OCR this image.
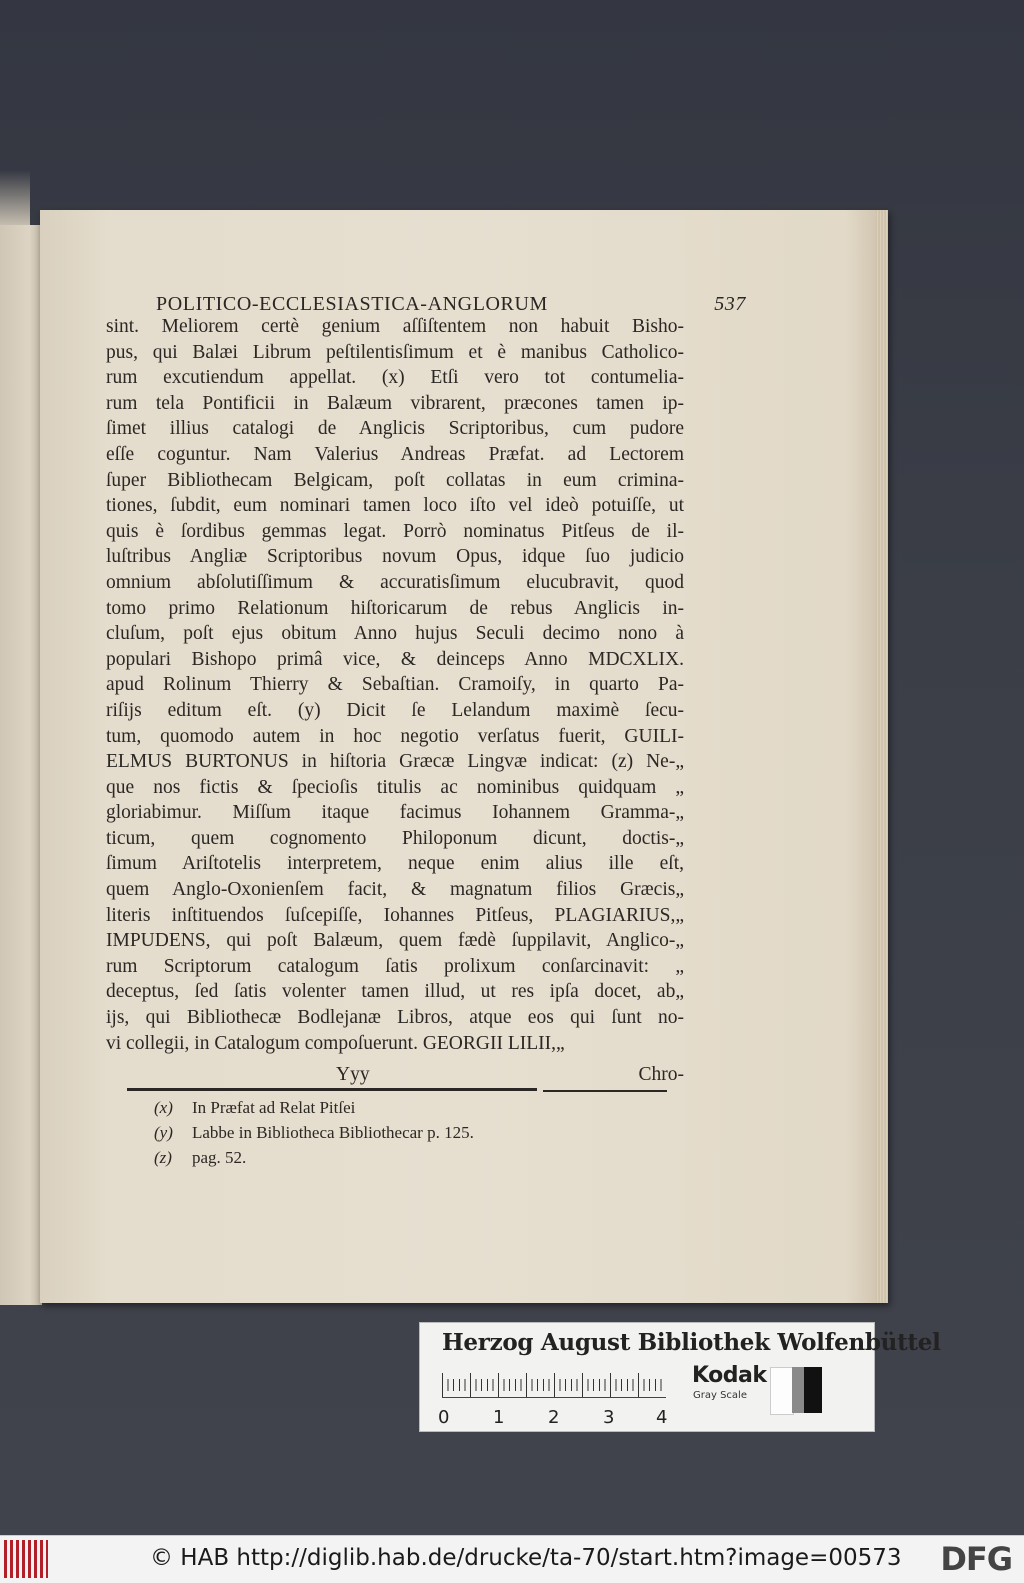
POLITICO-ECCLESIASTICA-ANGLORUM	537
sint. Meliorem certè genium aſſiſtentem non habuit Bisho-
pus, qui Balæi Librum peſtilentisſimum et è manibus Catholico-
rum excutiendum appellat. (x) Etſi vero tot contumelia-
rum tela Pontificii in Balæum vibrarent, præcones tamen ip-
ſimet illius catalogi de Anglicis Scriptoribus, cum pudore
eſſe coguntur. Nam Valerius Andreas Præfat. ad Lectorem
ſuper Bibliothecam Belgicam, poſt collatas in eum crimina-
tiones, ſubdit, eum nominari tamen loco iſto vel ideò potuiſſe, ut
quis è ſordibus gemmas legat. Porrò nominatus Pitſeus de il-
luſtribus Angliæ Scriptoribus novum Opus, idque ſuo judicio
omnium abſolutiſſimum & accuratisſimum elucubravit, quod
tomo primo Relationum hiſtoricarum de rebus Anglicis in-
cluſum, poſt ejus obitum Anno hujus Seculi decimo nono à
populari Bishopo primâ vice, & deinceps Anno MDCXLIX.
apud Rolinum Thierry & Sebaſtian. Cramoiſy, in quarto Pa-
riſijs editum eſt. (y) Dicit ſe Lelandum maximè ſecu-
tum, quomodo autem in hoc negotio verſatus fuerit, GUILI-
ELMUS BURTONUS in hiſtoria Græcæ Lingvæ indicat: (z) Ne-„
que nos fictis & ſpecioſis titulis ac nominibus quidquam „
gloriabimur. Miſſum itaque facimus Iohannem Gramma-„
ticum, quem cognomento Philoponum dicunt, doctis-„
ſimum Ariſtotelis interpretem, neque enim alius ille eſt,
quem Anglo-Oxonienſem facit, & magnatum filios Græcis„
literis inſtituendos ſuſcepiſſe, Iohannes Pitſeus, PLAGIARIUS,„
IMPUDENS, qui poſt Balæum, quem fædè ſuppilavit, Anglico-„
rum Scriptorum catalogum ſatis prolixum conſarcinavit: „
deceptus, ſed ſatis volenter tamen illud, ut res ipſa docet, ab„
ijs, qui Bibliothecæ Bodlejanæ Libros, atque eos qui ſunt no-
vi collegii, in Catalogum compoſuerunt. GEORGII LILII,„
Yyy	Chro-
(x) In Præfat ad Relat Pitſei
(y) Labbe in Bibliotheca Bibliothecar p. 125.
(z) pag. 52.
Herzog August Bibliothek Wolfenbüttel
0 1 2 3 4
Kodak
Gray Scale
© HAB http://diglib.hab.de/drucke/ta-70/start.htm?image=00573 DFG
